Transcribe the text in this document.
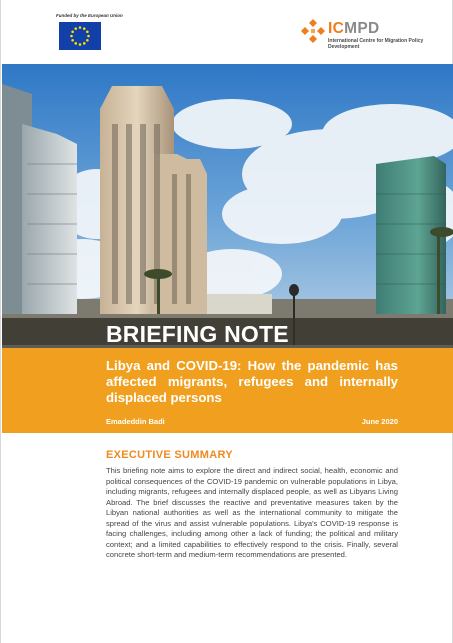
Funded by the European Union
ICMPD
International Centre for Migration Policy Development
BRIEFING NOTE
Libya and COVID-19: How the pandemic has affected migrants, refugees and internally displaced persons
Emadeddin Badi	June 2020
EXECUTIVE SUMMARY
This briefing note aims to explore the direct and indirect social, health, economic and political consequences of the COVID-19 pandemic on vulnerable populations in Libya, including migrants, refugees and internally displaced people, as well as Libyans Living Abroad. The brief discusses the reactive and preventative measures taken by the Libyan national authorities as well as the international community to mitigate the spread of the virus and assist vulnerable populations. Libya's COVID-19 response is facing challenges, including among other a lack of funding; the political and military context; and a limited capabilities to effectively respond to the crisis. Finally, several concrete short-term and medium-term recommendations are presented.
